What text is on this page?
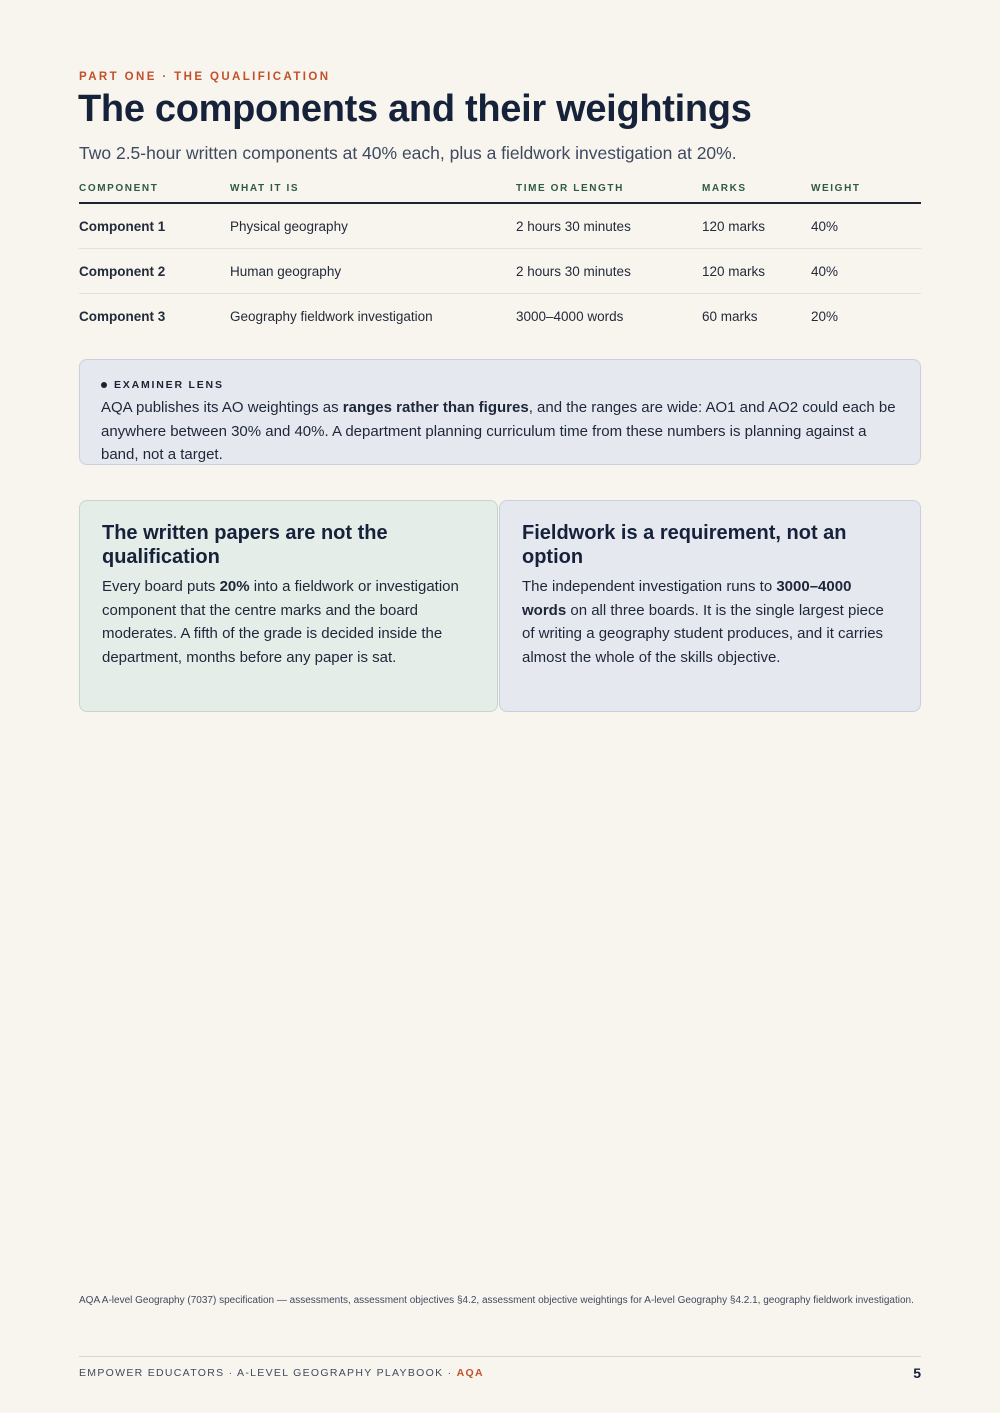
PART ONE · THE QUALIFICATION
The components and their weightings

Two 2.5-hour written components at 40% each, plus a fieldwork investigation at 20%.

COMPONENT	WHAT IT IS	TIME OR LENGTH	MARKS	WEIGHT
Component 1	Physical geography	2 hours 30 minutes	120 marks	40%
Component 2	Human geography	2 hours 30 minutes	120 marks	40%
Component 3	Geography fieldwork investigation	3000–4000 words	60 marks	20%
EXAMINER LENS

AQA publishes its AO weightings as ranges rather than figures, and the ranges are wide: AO1 and AO2 could each be anywhere between 30% and 40%. A department planning curriculum time from these numbers is planning against a band, not a target.

The written papers are not the qualification

Every board puts 20% into a fieldwork or investigation component that the centre marks and the board moderates. A fifth of the grade is decided inside the department, months before any paper is sat.

Fieldwork is a requirement, not an option

The independent investigation runs to 3000–4000 words on all three boards. It is the single largest piece of writing a geography student produces, and it carries almost the whole of the skills objective.

AQA A-level Geography (7037) specification — assessments, assessment objectives §4.2, assessment objective weightings for A-level Geography §4.2.1, geography fieldwork investigation.

EMPOWER EDUCATORS · A-LEVEL GEOGRAPHY PLAYBOOK · AQA	5
